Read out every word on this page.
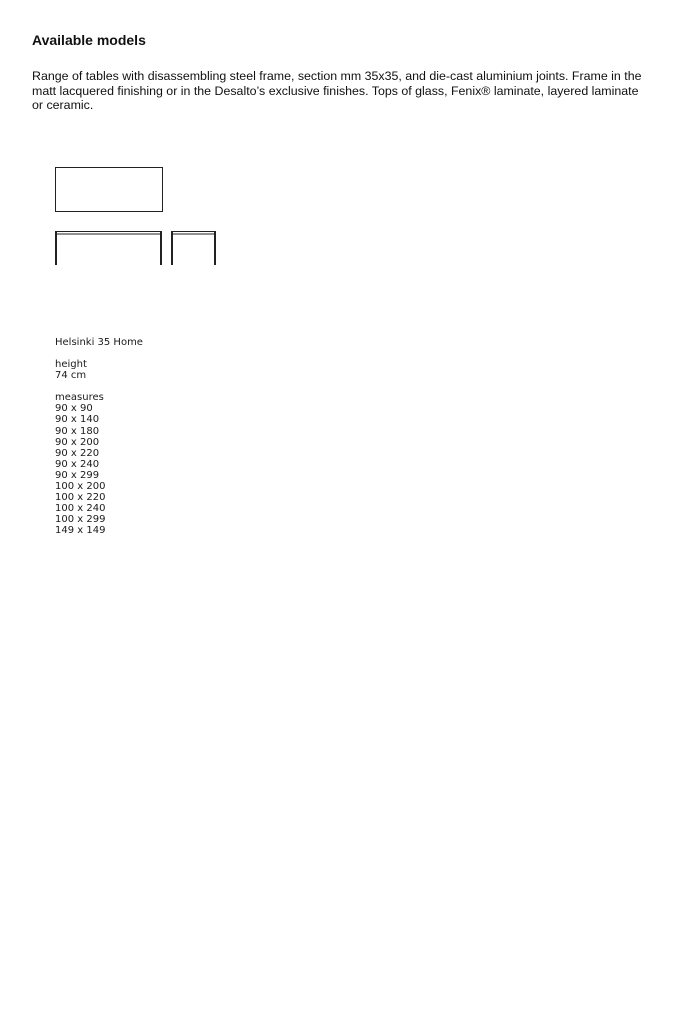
Available models

Range of tables with disassembling steel frame, section mm 35x35, and die-cast aluminium joints. Frame in the matt lacquered finishing or in the Desalto’s exclusive finishes. Tops of glass, Fenix® laminate, layered laminate or ceramic.

Helsinki 35 Home
height
74 cm
measures
90 x 90
90 x 140
90 x 180
90 x 200
90 x 220
90 x 240
90 x 299
100 x 200
100 x 220
100 x 240
100 x 299
149 x 149
